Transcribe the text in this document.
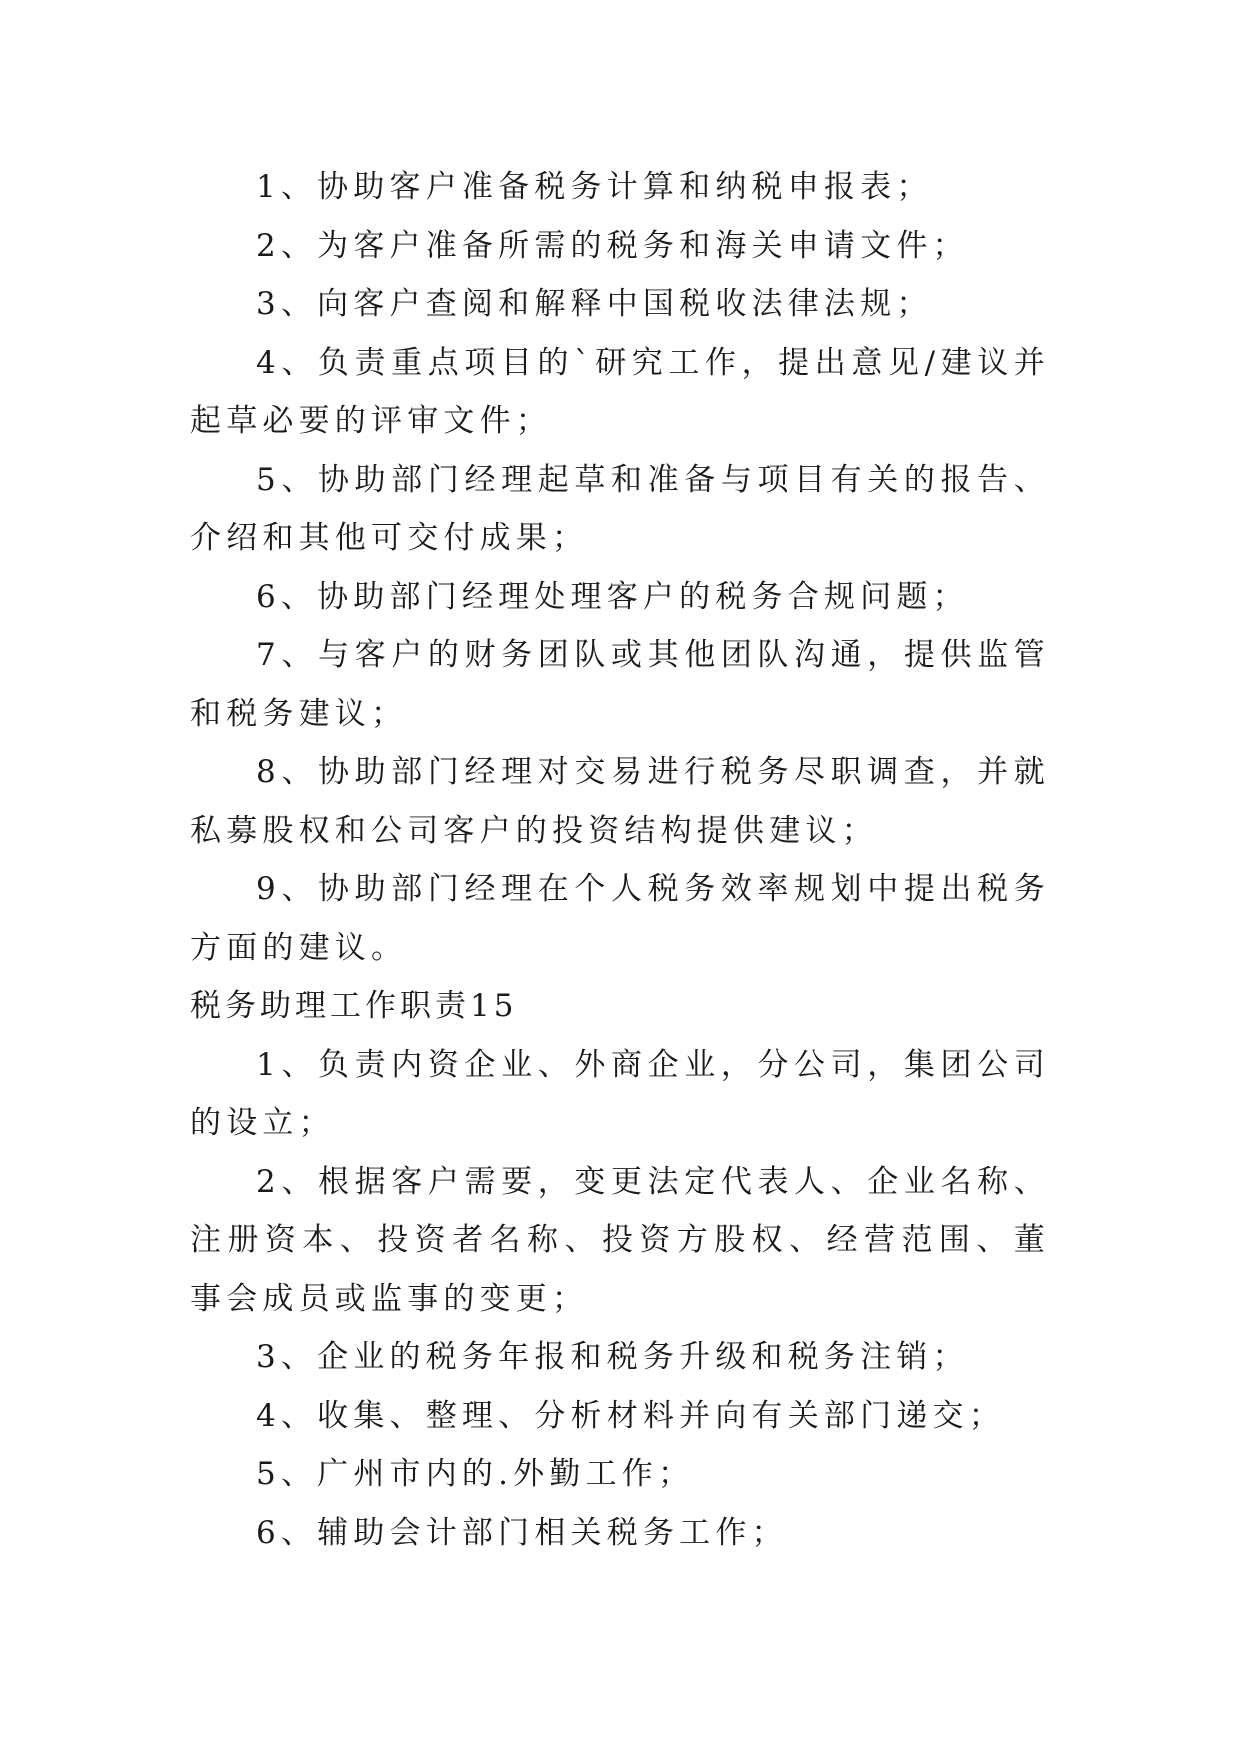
1、协助客户准备税务计算和纳税申报表；

2、为客户准备所需的税务和海关申请文件；

3、向客户查阅和解释中国税收法律法规；

4、负责重点项目的`研究工作，提出意见/建议并起草必要的评审文件；

5、协助部门经理起草和准备与项目有关的报告、介绍和其他可交付成果；

6、协助部门经理处理客户的税务合规问题；

7、与客户的财务团队或其他团队沟通，提供监管和税务建议；

8、协助部门经理对交易进行税务尽职调查，并就私募股权和公司客户的投资结构提供建议；

9、协助部门经理在个人税务效率规划中提出税务方面的建议。

税务助理工作职责15

1、负责内资企业、外商企业，分公司，集团公司的设立；

2、根据客户需要，变更法定代表人、企业名称、注册资本、投资者名称、投资方股权、经营范围、董事会成员或监事的变更；

3、企业的税务年报和税务升级和税务注销；

4、收集、整理、分析材料并向有关部门递交；

5、广州市内的.外勤工作；

6、辅助会计部门相关税务工作；
